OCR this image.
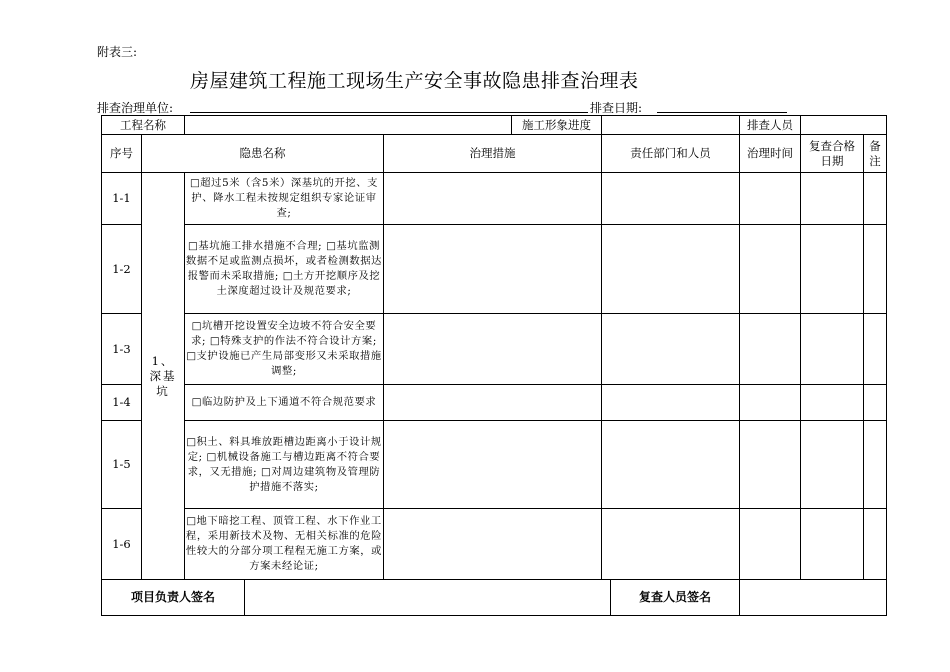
附表三:
房屋建筑工程施工现场生产安全事故隐患排查治理表
排查治理单位:	排查日期:
工程名称					施工形象进度			排查人员		
序号	隐患名称			治理措施		责任部门和人员		治理时间	复查合格日期	备注
1-1	1、深基坑	□超过5米（含5米）深基坑的开挖、支护、降水工程未按规定组织专家论证审查;								
1-2		□基坑施工排水措施不合理; □基坑监测数据不足或监测点损坏，或者检测数据达报警而未采取措施; □土方开挖顺序及挖土深度超过设计及规范要求;								
1-3		□坑槽开挖设置安全边坡不符合安全要求; □特殊支护的作法不符合设计方案; □支护设施已产生局部变形又未采取措施调整;								
1-4		□临边防护及上下通道不符合规范要求								
1-5		□积土、料具堆放距槽边距离小于设计规定; □机械设备施工与槽边距离不符合要求，又无措施; □对周边建筑物及管理防护措施不落实;								
1-6		□地下暗挖工程、顶管工程、水下作业工程，采用新技术及物、无相关标准的危险性较大的分部分项工程程无施工方案，或方案未经论证;								
项目负责人签名							复查人员签名			
